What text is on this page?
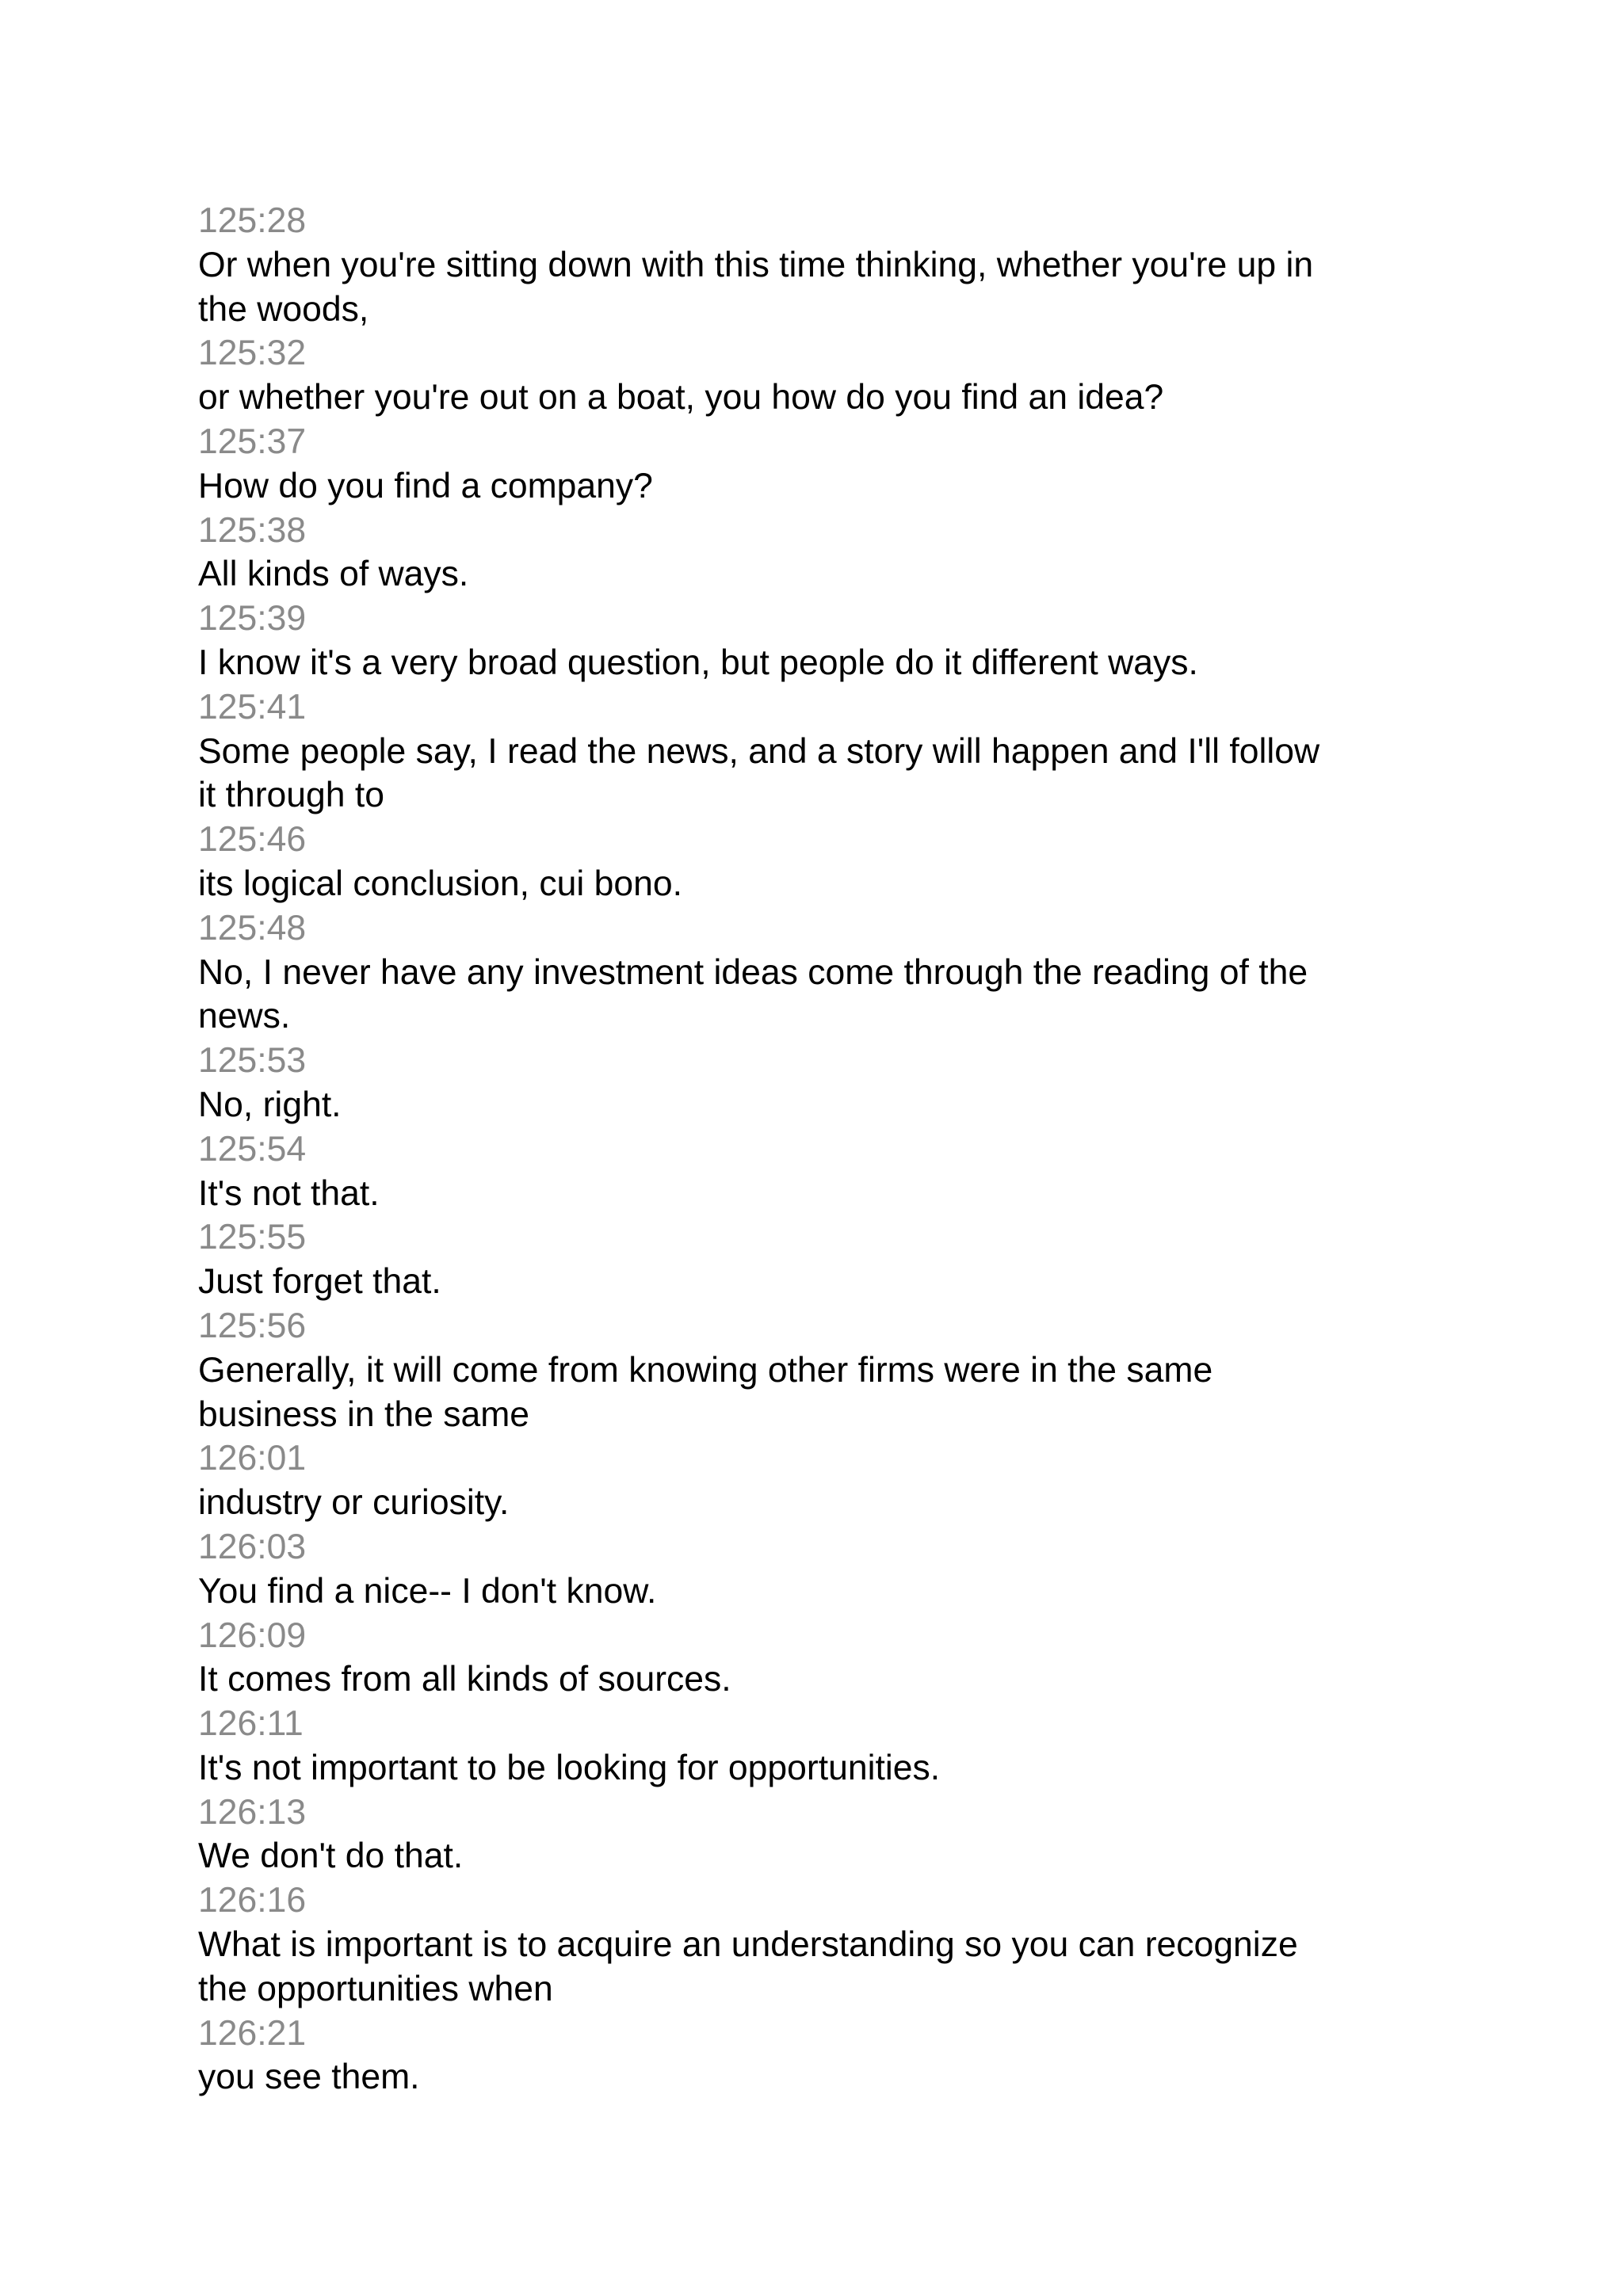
125:28
Or when you're sitting down with this time thinking, whether you're up in
the woods,
125:32
or whether you're out on a boat, you how do you find an idea?
125:37
How do you find a company?
125:38
All kinds of ways.
125:39
I know it's a very broad question, but people do it different ways.
125:41
Some people say, I read the news, and a story will happen and I'll follow
it through to
125:46
its logical conclusion, cui bono.
125:48
No, I never have any investment ideas come through the reading of the
news.
125:53
No, right.
125:54
It's not that.
125:55
Just forget that.
125:56
Generally, it will come from knowing other firms were in the same
business in the same
126:01
industry or curiosity.
126:03
You find a nice-- I don't know.
126:09
It comes from all kinds of sources.
126:11
It's not important to be looking for opportunities.
126:13
We don't do that.
126:16
What is important is to acquire an understanding so you can recognize
the opportunities when
126:21
you see them.
